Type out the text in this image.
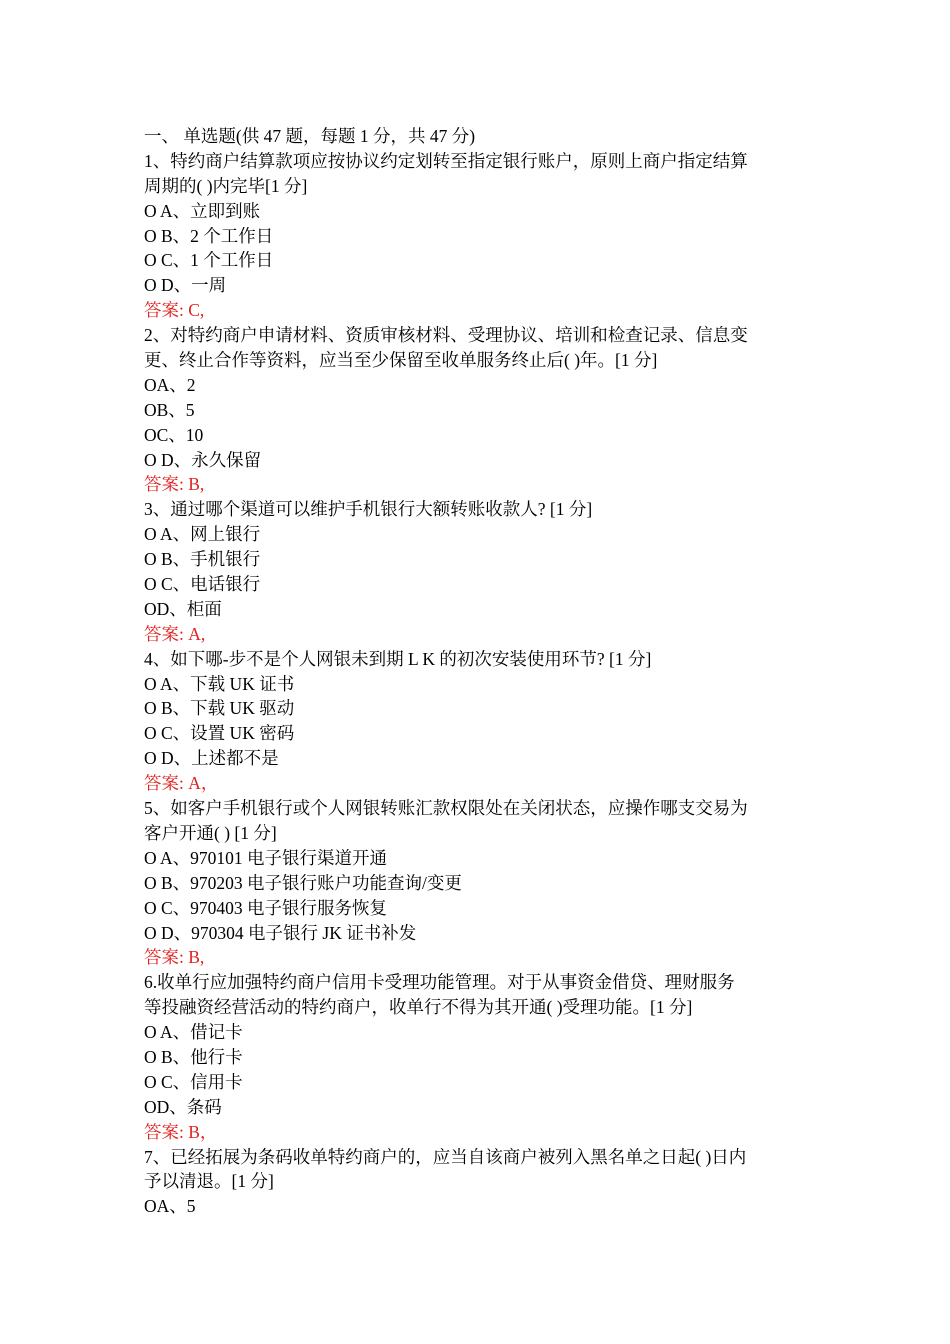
一、 单选题(供 47 题，每题 1 分，共 47 分)
1、特约商户结算款项应按协议约定划转至指定银行账户，原则上商户指定结算
周期的( )内完毕[1 分]
O A、立即到账
O B、2 个工作日
O C、1 个工作日
O D、一周
答案: C,
2、对特约商户申请材料、资质审核材料、受理协议、培训和检查记录、信息变
更、终止合作等资料，应当至少保留至收单服务终止后( )年。[1 分]
OA、2
OB、5
OC、10
O D、永久保留
答案: B,
3、通过哪个渠道可以维护手机银行大额转账收款人? [1 分]
O A、网上银行
O B、手机银行
O C、电话银行
OD、柜面
答案: A,
4、如下哪-步不是个人网银未到期 L K 的初次安装使用环节? [1 分]
O A、下载 UK 证书
O B、下载 UK 驱动
O C、设置 UK 密码
O D、上述都不是
答案: A，
5、如客户手机银行或个人网银转账汇款权限处在关闭状态，应操作哪支交易为
客户开通( ) [1 分]
O A、970101 电子银行渠道开通
O B、970203 电子银行账户功能查询/变更
O C、970403 电子银行服务恢复
O D、970304 电子银行 JK 证书补发
答案: B,
6.收单行应加强特约商户信用卡受理功能管理。对于从事资金借贷、理财服务
等投融资经营活动的特约商户，收单行不得为其开通( )受理功能。[1 分]
O A、借记卡
O B、他行卡
O C、信用卡
OD、条码
答案: B，
7、已经拓展为条码收单特约商户的，应当自该商户被列入黑名单之日起( )日内
予以清退。[1 分]
OA、5
